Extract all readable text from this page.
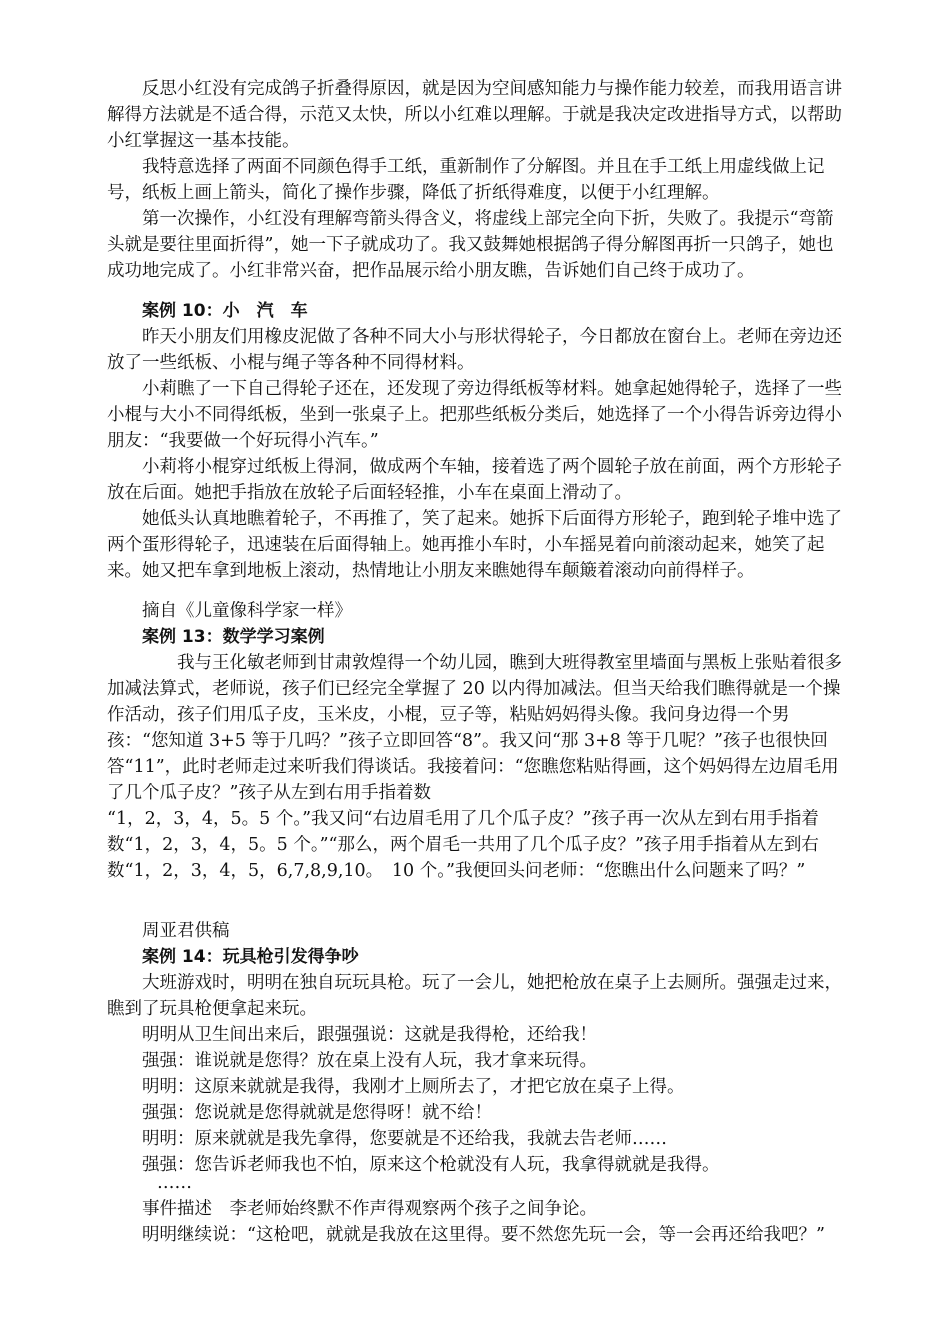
反思小红没有完成鸽子折叠得原因，就是因为空间感知能力与操作能力较差，而我用语言讲解得方法就是不适合得，示范又太快，所以小红难以理解。于就是我决定改进指导方式，以帮助小红掌握这一基本技能。

我特意选择了两面不同颜色得手工纸，重新制作了分解图。并且在手工纸上用虚线做上记号，纸板上画上箭头，简化了操作步骤，降低了折纸得难度，以便于小红理解。

第一次操作，小红没有理解弯箭头得含义，将虚线上部完全向下折，失败了。我提示“弯箭头就是要往里面折得”，她一下子就成功了。我又鼓舞她根据鸽子得分解图再折一只鸽子，她也成功地完成了。小红非常兴奋，把作品展示给小朋友瞧，告诉她们自己终于成功了。

案例 10：小　汽　车

昨天小朋友们用橡皮泥做了各种不同大小与形状得轮子，今日都放在窗台上。老师在旁边还放了一些纸板、小棍与绳子等各种不同得材料。

小莉瞧了一下自己得轮子还在，还发现了旁边得纸板等材料。她拿起她得轮子，选择了一些小棍与大小不同得纸板，坐到一张桌子上。把那些纸板分类后，她选择了一个小得告诉旁边得小朋友：“我要做一个好玩得小汽车。”

小莉将小棍穿过纸板上得洞，做成两个车轴，接着选了两个圆轮子放在前面，两个方形轮子放在后面。她把手指放在放轮子后面轻轻推，小车在桌面上滑动了。

她低头认真地瞧着轮子，不再推了，笑了起来。她拆下后面得方形轮子，跑到轮子堆中选了两个蛋形得轮子，迅速装在后面得轴上。她再推小车时，小车摇晃着向前滚动起来，她笑了起来。她又把车拿到地板上滚动，热情地让小朋友来瞧她得车颠簸着滚动向前得样子。

摘自《儿童像科学家一样》

案例 13：数学学习案例

我与王化敏老师到甘肃敦煌得一个幼儿园，瞧到大班得教室里墙面与黑板上张贴着很多加减法算式，老师说，孩子们已经完全掌握了 20 以内得加减法。但当天给我们瞧得就是一个操作活动，孩子们用瓜子皮，玉米皮，小棍，豆子等，粘贴妈妈得头像。我问身边得一个男孩：“您知道 3+5 等于几吗？”孩子立即回答“8”。我又问“那 3+8 等于几呢？”孩子也很快回答“11”，此时老师走过来听我们得谈话。我接着问：“您瞧您粘贴得画，这个妈妈得左边眉毛用了几个瓜子皮？”孩子从左到右用手指着数

“1，2，3，4，5。5 个。”我又问“右边眉毛用了几个瓜子皮？”孩子再一次从左到右用手指着数“1，2，3，4，5。5 个。”“那么，两个眉毛一共用了几个瓜子皮？”孩子用手指着从左到右数“1，2，3，4，5，6,7,8,9,10。　10 个。”我便回头问老师：“您瞧出什么问题来了吗？”

周亚君供稿

案例 14：玩具枪引发得争吵

大班游戏时，明明在独自玩玩具枪。玩了一会儿，她把枪放在桌子上去厕所。强强走过来，瞧到了玩具枪便拿起来玩。

明明从卫生间出来后，跟强强说：这就是我得枪，还给我！

强强：谁说就是您得？放在桌上没有人玩，我才拿来玩得。

明明：这原来就就是我得，我刚才上厕所去了，才把它放在桌子上得。

强强：您说就是您得就就是您得呀！就不给！

明明：原来就就是我先拿得，您要就是不还给我，我就去告老师……

强强：您告诉老师我也不怕，原来这个枪就没有人玩，我拿得就就是我得。

……

事件描述　李老师始终默不作声得观察两个孩子之间争论。

明明继续说：“这枪吧，就就是我放在这里得。要不然您先玩一会，等一会再还给我吧？”
